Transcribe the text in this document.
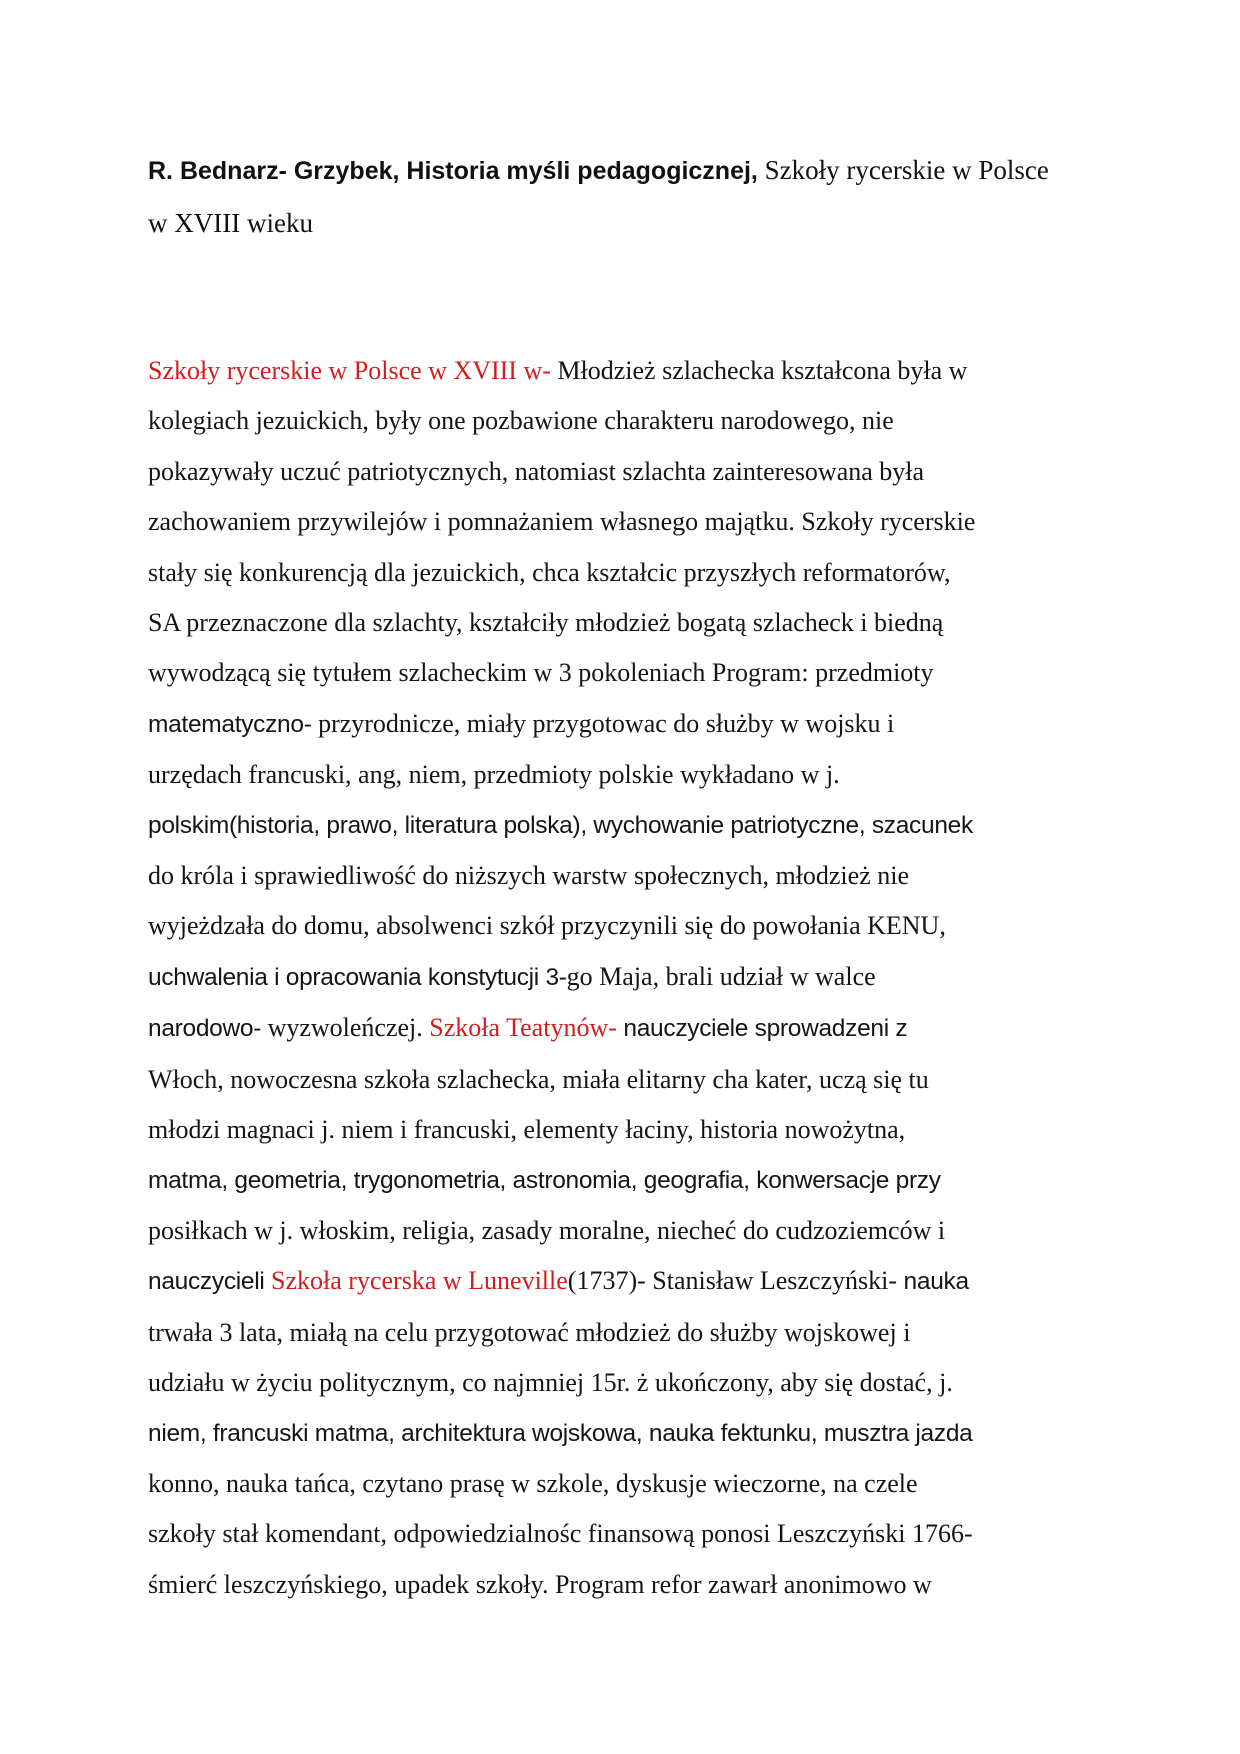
R. Bednarz- Grzybek, Historia myśli pedagogicznej, Szkoły rycerskie w Polsce
w XVIII wieku

Szkoły rycerskie w Polsce w XVIII w- Młodzież szlachecka kształcona była w
kolegiach jezuickich, były one pozbawione charakteru narodowego, nie
pokazywały uczuć patriotycznych, natomiast szlachta zainteresowana była
zachowaniem przywilejów i pomnażaniem własnego majątku. Szkoły rycerskie
stały się konkurencją dla jezuickich, chca kształcic przyszłych reformatorów,
SA przeznaczone dla szlachty, kształciły młodzież bogatą szlacheck i biedną
wywodzącą się tytułem szlacheckim w 3 pokoleniach Program: przedmioty
matematyczno- przyrodnicze, miały przygotowac do służby w wojsku i
urzędach francuski, ang, niem, przedmioty polskie wykładano w j.
polskim(historia, prawo, literatura polska), wychowanie patriotyczne, szacunek
do króla i sprawiedliwość do niższych warstw społecznych, młodzież nie
wyjeżdzała do domu, absolwenci szkół przyczynili się do powołania KENU,
uchwalenia i opracowania konstytucji 3-go Maja, brali udział w walce
narodowo- wyzwoleńczej. Szkoła Teatynów- nauczyciele sprowadzeni z
Włoch, nowoczesna szkoła szlachecka, miała elitarny cha kater, uczą się tu
młodzi magnaci j. niem i francuski, elementy łaciny, historia nowożytna,
matma, geometria, trygonometria, astronomia, geografia, konwersacje przy
posiłkach w j. włoskim, religia, zasady moralne, niecheć do cudzoziemców i
nauczycieli Szkoła rycerska w Luneville(1737)- Stanisław Leszczyński- nauka
trwała 3 lata, miałą na celu przygotować młodzież do służby wojskowej i
udziału w życiu politycznym, co najmniej 15r. ż ukończony, aby się dostać, j.
niem, francuski matma, architektura wojskowa, nauka fektunku, musztra jazda
konno, nauka tańca, czytano prasę w szkole, dyskusje wieczorne, na czele
szkoły stał komendant, odpowiedzialnośc finansową ponosi Leszczyński 1766-
śmierć leszczyńskiego, upadek szkoły. Program refor zawarł anonimowo w
